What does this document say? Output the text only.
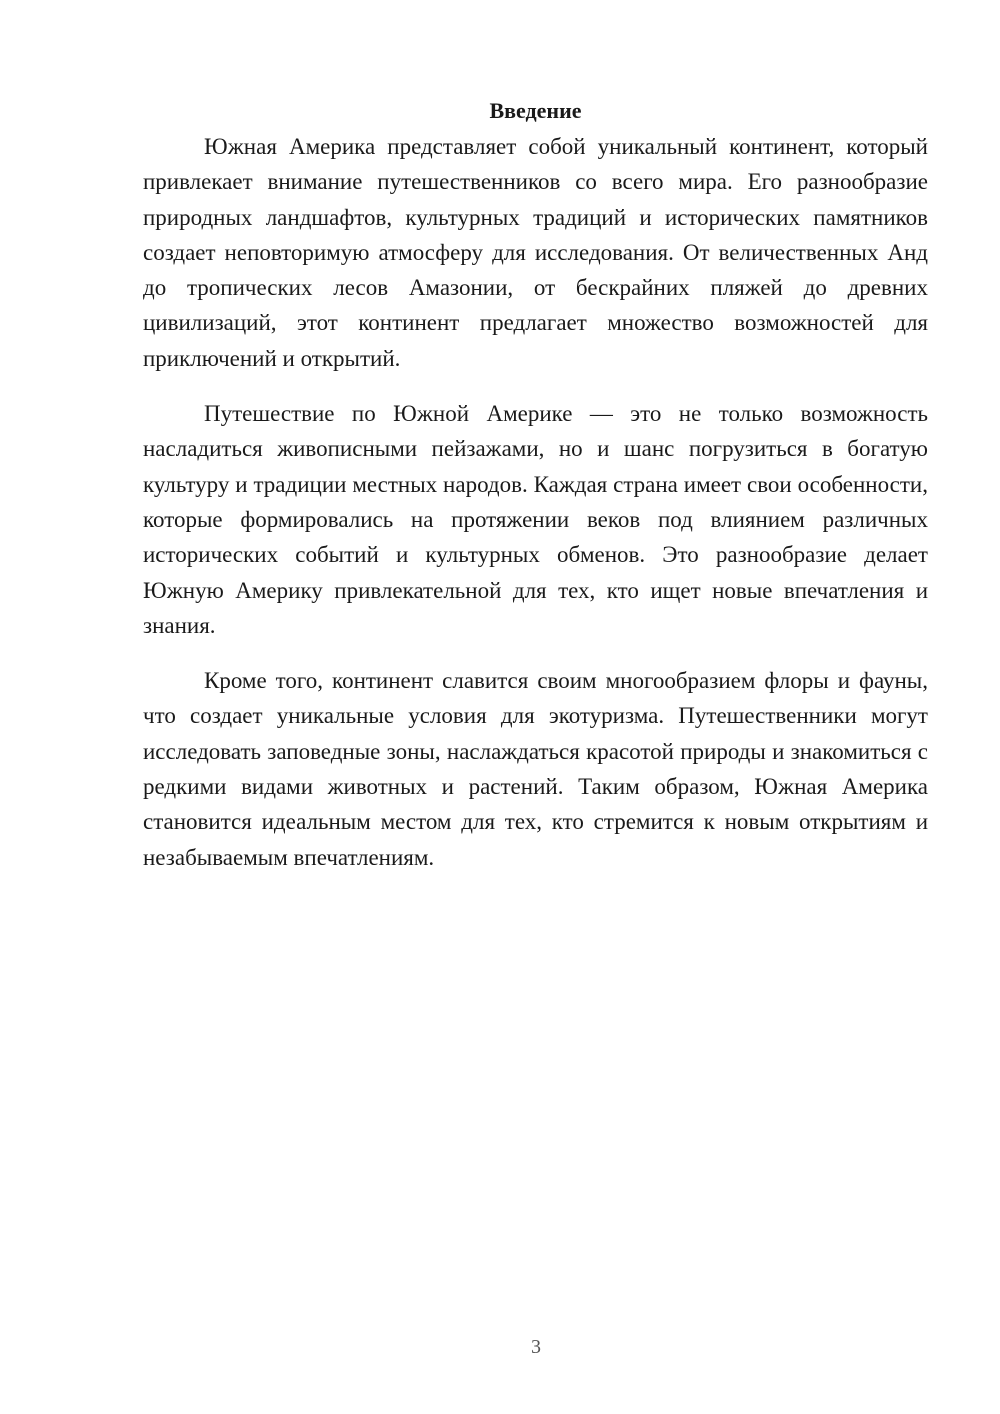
Введение

Южная Америка представляет собой уникальный континент, который привлекает внимание путешественников со всего мира. Его разнообразие природных ландшафтов, культурных традиций и исторических памятников создает неповторимую атмосферу для исследования. От величественных Анд до тропических лесов Амазонии, от бескрайних пляжей до древних цивилизаций, этот континент предлагает множество возможностей для приключений и открытий.

Путешествие по Южной Америке — это не только возможность насладиться живописными пейзажами, но и шанс погрузиться в богатую культуру и традиции местных народов. Каждая страна имеет свои особенности, которые формировались на протяжении веков под влиянием различных исторических событий и культурных обменов. Это разнообразие делает Южную Америку привлекательной для тех, кто ищет новые впечатления и знания.

Кроме того, континент славится своим многообразием флоры и фауны, что создает уникальные условия для экотуризма. Путешественники могут исследовать заповедные зоны, наслаждаться красотой природы и знакомиться с редкими видами животных и растений. Таким образом, Южная Америка становится идеальным местом для тех, кто стремится к новым открытиям и незабываемым впечатлениям.

3
